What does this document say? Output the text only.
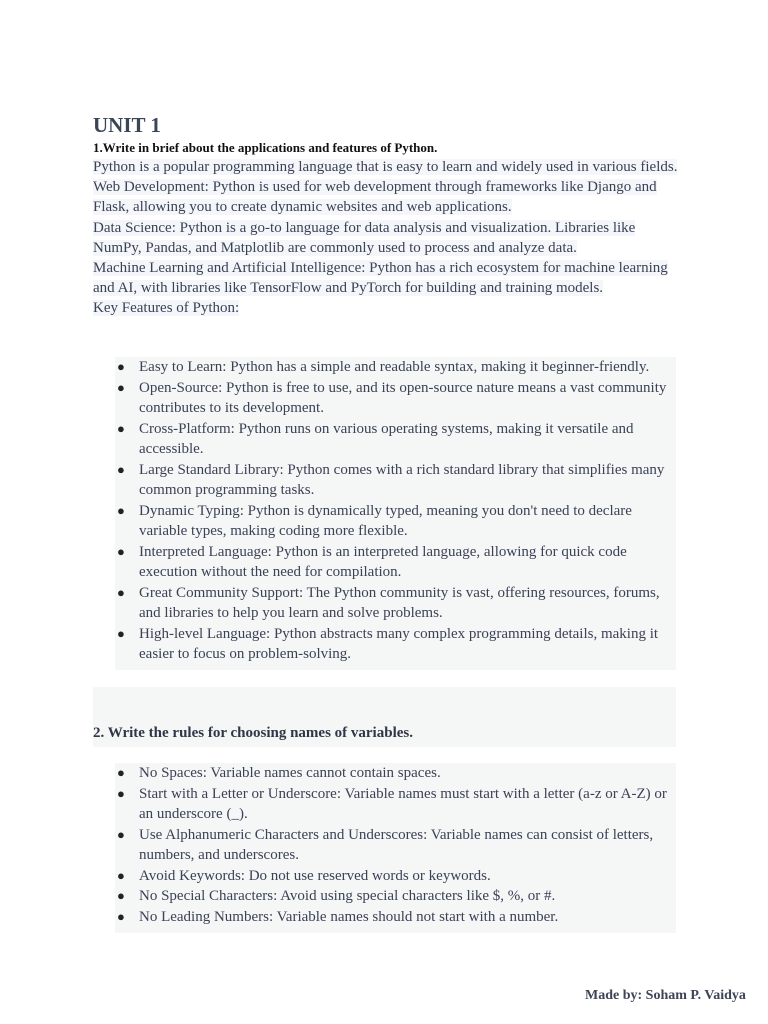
UNIT 1
1.Write in brief about the applications and features of Python.

Python is a popular programming language that is easy to learn and widely used in various fields.

Web Development: Python is used for web development through frameworks like Django and Flask, allowing you to create dynamic websites and web applications.

Data Science: Python is a go-to language for data analysis and visualization. Libraries like NumPy, Pandas, and Matplotlib are commonly used to process and analyze data.

Machine Learning and Artificial Intelligence: Python has a rich ecosystem for machine learning and AI, with libraries like TensorFlow and PyTorch for building and training models.

Key Features of Python:

● Easy to Learn: Python has a simple and readable syntax, making it beginner-friendly.
● Open-Source: Python is free to use, and its open-source nature means a vast community contributes to its development.
● Cross-Platform: Python runs on various operating systems, making it versatile and accessible.
● Large Standard Library: Python comes with a rich standard library that simplifies many common programming tasks.
● Dynamic Typing: Python is dynamically typed, meaning you don't need to declare variable types, making coding more flexible.
● Interpreted Language: Python is an interpreted language, allowing for quick code execution without the need for compilation.
● Great Community Support: The Python community is vast, offering resources, forums, and libraries to help you learn and solve problems.
● High-level Language: Python abstracts many complex programming details, making it easier to focus on problem-solving.
2. Write the rules for choosing names of variables.
● No Spaces: Variable names cannot contain spaces.
● Start with a Letter or Underscore: Variable names must start with a letter (a-z or A-Z) or an underscore (_).
● Use Alphanumeric Characters and Underscores: Variable names can consist of letters, numbers, and underscores.
● Avoid Keywords: Do not use reserved words or keywords.
● No Special Characters: Avoid using special characters like $, %, or #.
● No Leading Numbers: Variable names should not start with a number.
Made by: Soham P. Vaidya
